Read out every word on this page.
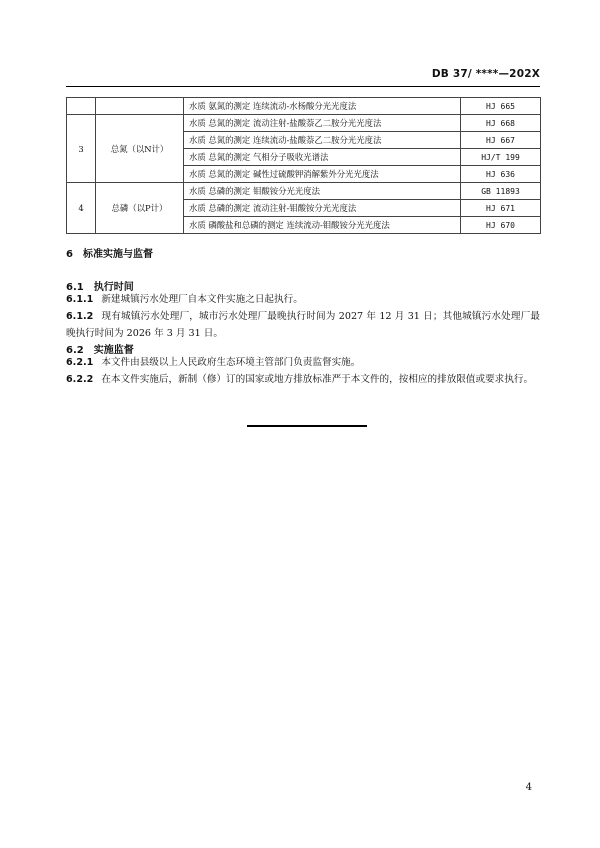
DB 37/ ****—202X
		水质 氨氮的测定 连续流动-水杨酸分光光度法	HJ 665
3	总氮（以N计）	水质 总氮的测定 流动注射-盐酸萘乙二胺分光光度法	HJ 668
		水质 总氮的测定 连续流动-盐酸萘乙二胺分光光度法	HJ 667
		水质 总氮的测定 气相分子吸收光谱法	HJ/T 199
		水质 总氮的测定 碱性过硫酸钾消解紫外分光光度法	HJ 636
4	总磷（以P计）	水质 总磷的测定 钼酸铵分光光度法	GB 11893
		水质 总磷的测定 流动注射-钼酸铵分光光度法	HJ 671
		水质 磷酸盐和总磷的测定 连续流动-钼酸铵分光光度法	HJ 670
6 标准实施与监督
6.1 执行时间
6.1.1 新建城镇污水处理厂自本文件实施之日起执行。
6.1.2 现有城镇污水处理厂，城市污水处理厂最晚执行时间为 2027 年 12 月 31 日；其他城镇污水处理厂最晚执行时间为 2026 年 3 月 31 日。
6.2 实施监督
6.2.1 本文件由县级以上人民政府生态环境主管部门负责监督实施。
6.2.2 在本文件实施后，新制（修）订的国家或地方排放标准严于本文件的，按相应的排放限值或要求执行。
4
